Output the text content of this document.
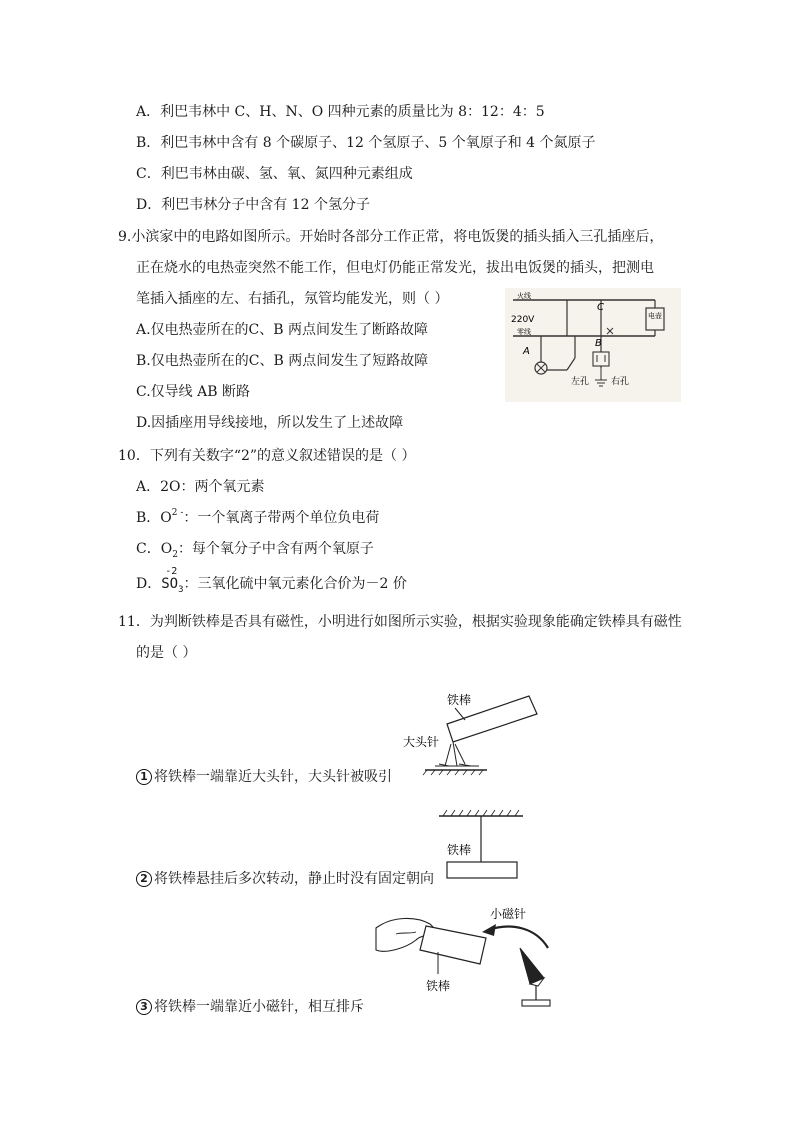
A．利巴韦林中 C、H、N、O 四种元素的质量比为 8：12：4：5
B．利巴韦林中含有 8 个碳原子、12 个氢原子、5 个氧原子和 4 个氮原子
C．利巴韦林由碳、氢、氧、氮四种元素组成
D．利巴韦林分子中含有 12 个氢分子
9.小滨家中的电路如图所示。开始时各部分工作正常，将电饭煲的插头插入三孔插座后，
正在烧水的电热壶突然不能工作，但电灯仍能正常发光，拔出电饭煲的插头，把测电
笔插入插座的左、右插孔，氖管均能发光，则（ ）
A.仅电热壶所在的C、B 两点间发生了断路故障
B.仅电热壶所在的C、B 两点间发生了短路故障
C.仅导线 AB 断路
D.因插座用导线接地，所以发生了上述故障
电壶
火线
220V
零线
A
B
C
左孔 右孔
10．下列有关数字“2”的意义叙述错误的是（ ）
A．2O：两个氧元素
B．$O^{2 -}$：一个氧离子带两个单位负电荷
C．$O_2$：每个氧分子中含有两个氧原子
D．
-2
$SO_3$：三氧化硫中氧元素化合价为－2 价
11．为判断铁棒是否具有磁性，小明进行如图所示实验，根据实验现象能确定铁棒具有磁性
的是（ ）
铁棒
大头针
1 将铁棒一端靠近大头针，大头针被吸引
铁棒
2 将铁棒悬挂后多次转动，静止时没有固定朝向
铁棒
小磁针
3 将铁棒一端靠近小磁针，相互排斥
